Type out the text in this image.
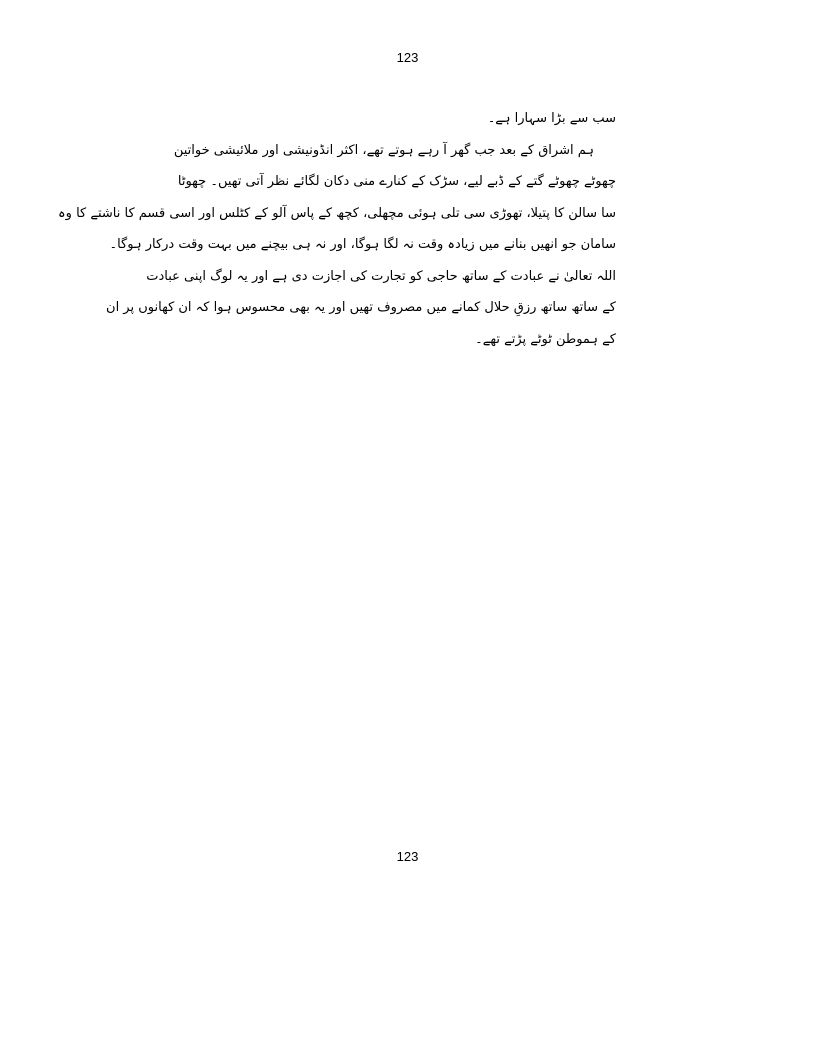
123
سب سے بڑا سہارا ہے۔
ہم اشراق کے بعد جب گھر آ رہے ہوتے تھے، اکثر انڈونیشی اور ملائیشی خواتین
چھوٹے چھوٹے گتے کے ڈبے لیے، سڑک کے کنارے منی دکان لگائے نظر آتی تھیں۔ چھوٹا
سا سالن کا پتیلا، تھوڑی سی تلی ہوئی مچھلی، کچھ کے پاس آلو کے کٹلس اور اسی قسم کا ناشتے کا وہ
سامان جو انھیں بنانے میں زیادہ وقت نہ لگا ہوگا، اور نہ ہی بیچنے میں بہت وقت درکار ہوگا۔
اللہ تعالیٰ نے عبادت کے ساتھ حاجی کو تجارت کی اجازت دی ہے اور یہ لوگ اپنی عبادت
کے ساتھ ساتھ رزقِ حلال کمانے میں مصروف تھیں اور یہ بھی محسوس ہوا کہ ان کھانوں پر ان
کے ہموطن ٹوٹے پڑتے تھے۔
123
